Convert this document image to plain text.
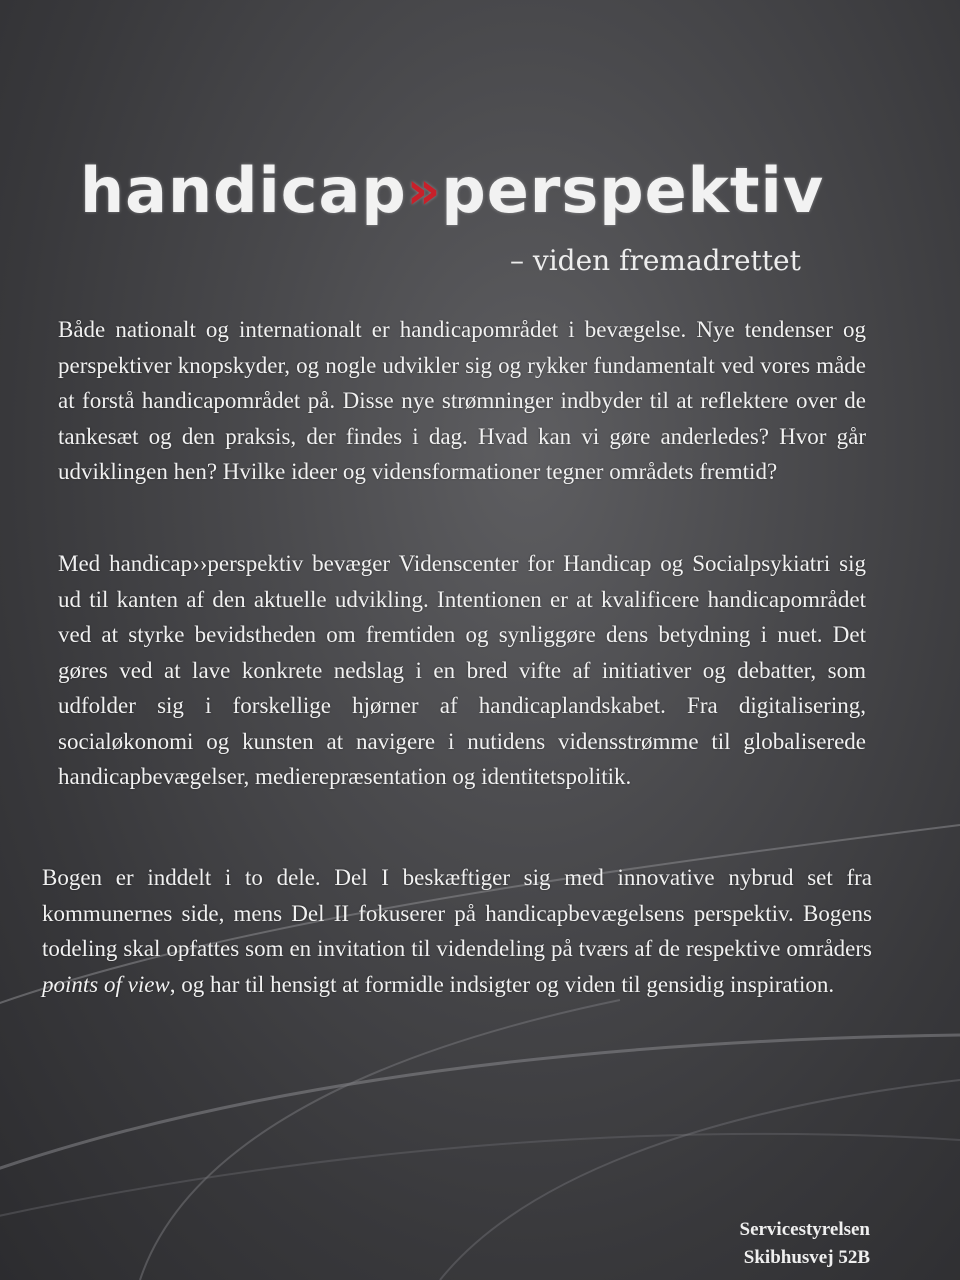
handicap»perspektiv

– viden fremadrettet

Både nationalt og internationalt er handicapområdet i bevægelse. Nye tendenser og perspektiver knopskyder, og nogle udvikler sig og rykker fundamentalt ved vores måde at forstå handicapområdet på. Disse nye strømninger indbyder til at reflektere over de tankesæt og den praksis, der findes i dag. Hvad kan vi gøre anderledes? Hvor går udviklingen hen? Hvilke ideer og vidensformationer tegner områdets fremtid?

Med handicap››perspektiv bevæger Videnscenter for Handicap og Socialpsykiatri sig ud til kanten af den aktuelle udvikling. Intentionen er at kvalificere handicapområdet ved at styrke bevidstheden om fremtiden og synliggøre dens betydning i nuet. Det gøres ved at lave konkrete nedslag i en bred vifte af initiativer og debatter, som udfolder sig i forskellige hjørner af handicaplandskabet. Fra digitalisering, socialøkonomi og kunsten at navigere i nutidens vidensstrømme til globaliserede handicapbevægelser, medierepræsentation og identitetspolitik.

Bogen er inddelt i to dele. Del I beskæftiger sig med innovative nybrud set fra kommunernes side, mens Del II fokuserer på handicapbevægelsens perspektiv. Bogens todeling skal opfattes som en invitation til videndeling på tværs af de respektive områders points of view, og har til hensigt at formidle indsigter og viden til gensidig inspiration.

Servicestyrelsen
Skibhusvej 52B
